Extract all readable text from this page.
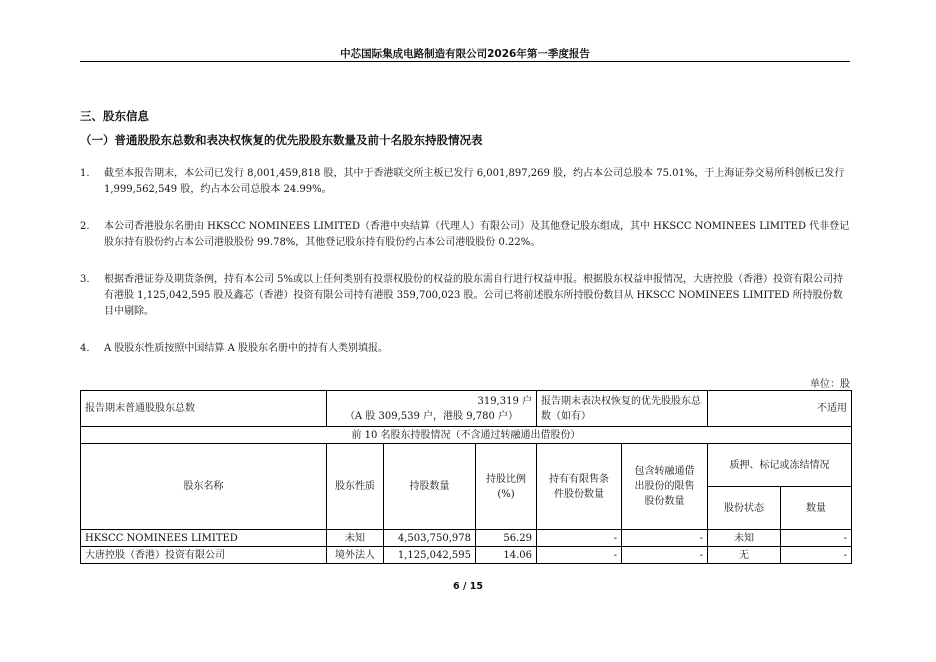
中芯国际集成电路制造有限公司2026年第一季度报告
三、股东信息
（一）普通股股东总数和表决权恢复的优先股股东数量及前十名股东持股情况表
1. 截至本报告期末，本公司已发行 8,001,459,818 股，其中于香港联交所主板已发行 6,001,897,269 股，约占本公司总股本 75.01%，于上海证券交易所科创板已发行 1,999,562,549 股，约占本公司总股本 24.99%。
2. 本公司香港股东名册由 HKSCC NOMINEES LIMITED（香港中央结算（代理人）有限公司）及其他登记股东组成，其中 HKSCC NOMINEES LIMITED 代非登记股东持有股份约占本公司港股股份 99.78%，其他登记股东持有股份约占本公司港股股份 0.22%。
3. 根据香港证券及期货条例，持有本公司 5%或以上任何类别有投票权股份的权益的股东需自行进行权益申报。根据股东权益申报情况，大唐控股（香港）投资有限公司持有港股 1,125,042,595 股及鑫芯（香港）投资有限公司持有港股 359,700,023 股。公司已将前述股东所持股份数目从 HKSCC NOMINEES LIMITED 所持股份数目中剔除。
4. A 股股东性质按照中国结算 A 股股东名册中的持有人类别填报。
单位：股
报告期末普通股股东总数	319,319 户
（A 股 309,539 户，港股 9,780 户）			报告期末表决权恢复的优先股股东总数（如有）		不适用	
前 10 名股东持股情况（不含通过转融通出借股份）							
股东名称	股东性质	持股数量	持股比例(%)	持有有限售条件股份数量	包含转融通借出股份的限售股份数量	质押、标记或冻结情况	
						股份状态	数量
HKSCC NOMINEES LIMITED	未知	4,503,750,978	56.29	-	-	未知	-
大唐控股（香港）投资有限公司	境外法人	1,125,042,595	14.06	-	-	无	-
6 / 15
